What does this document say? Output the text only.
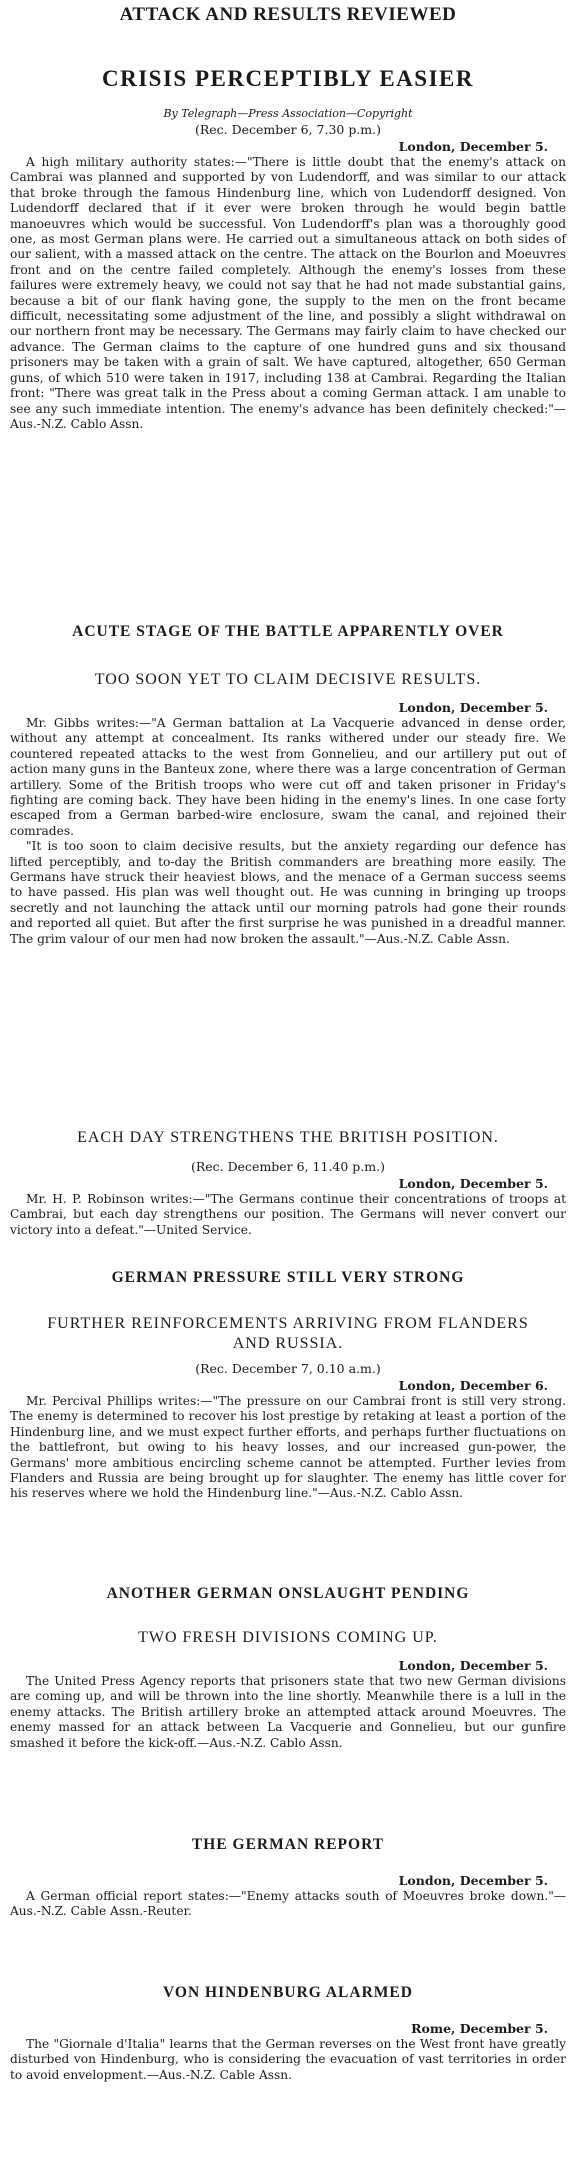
ATTACK AND RESULTS REVIEWED
CRISIS PERCEPTIBLY EASIER

By Telegraph—Press Association—Copyright

(Rec. December 6, 7.30 p.m.)

London, December 5.

A high military authority states:—"There is little doubt that the enemy's attack on Cambrai was planned and supported by von Ludendorff, and was similar to our attack that broke through the famous Hindenburg line, which von Ludendorff designed. Von Ludendorff declared that if it ever were broken through he would begin battle manoeuvres which would be successful. Von Ludendorff's plan was a thoroughly good one, as most German plans were. He carried out a simultaneous attack on both sides of our salient, with a massed attack on the centre. The attack on the Bourlon and Moeuvres front and on the centre failed completely. Although the enemy's losses from these failures were extremely heavy, we could not say that he had not made substantial gains, because a bit of our flank having gone, the supply to the men on the front became difficult, necessitating some adjustment of the line, and possibly a slight withdrawal on our northern front may be necessary. The Germans may fairly claim to have checked our advance. The German claims to the capture of one hundred guns and six thousand prisoners may be taken with a grain of salt. We have captured, altogether, 650 German guns, of which 510 were taken in 1917, including 138 at Cambrai. Regarding the Italian front: "There was great talk in the Press about a coming German attack. I am unable to see any such immediate intention. The enemy's advance has been definitely checked:"—Aus.-N.Z. Cablo Assn.

ACUTE STAGE OF THE BATTLE APPARENTLY OVER
TOO SOON YET TO CLAIM DECISIVE RESULTS.

London, December 5.

Mr. Gibbs writes:—"A German battalion at La Vacquerie advanced in dense order, without any attempt at concealment. Its ranks withered under our steady fire. We countered repeated attacks to the west from Gonnelieu, and our artillery put out of action many guns in the Banteux zone, where there was a large concentration of German artillery. Some of the British troops who were cut off and taken prisoner in Friday's fighting are coming back. They have been hiding in the enemy's lines. In one case forty escaped from a German barbed-wire enclosure, swam the canal, and rejoined their comrades.

"It is too soon to claim decisive results, but the anxiety regarding our defence has lifted perceptibly, and to-day the British commanders are breathing more easily. The Germans have struck their heaviest blows, and the menace of a German success seems to have passed. His plan was well thought out. He was cunning in bringing up troops secretly and not launching the attack until our morning patrols had gone their rounds and reported all quiet. But after the first surprise he was punished in a dreadful manner. The grim valour of our men had now broken the assault."—Aus.-N.Z. Cable Assn.

EACH DAY STRENGTHENS THE BRITISH POSITION.

(Rec. December 6, 11.40 p.m.)

London, December 5.

Mr. H. P. Robinson writes:—"The Germans continue their concentrations of troops at Cambrai, but each day strengthens our position. The Germans will never convert our victory into a defeat."—United Service.

GERMAN PRESSURE STILL VERY STRONG
FURTHER REINFORCEMENTS ARRIVING FROM FLANDERS
AND RUSSIA.

(Rec. December 7, 0.10 a.m.)

London, December 6.

Mr. Percival Phillips writes:—"The pressure on our Cambrai front is still very strong. The enemy is determined to recover his lost prestige by retaking at least a portion of the Hindenburg line, and we must expect further efforts, and perhaps further fluctuations on the battlefront, but owing to his heavy losses, and our increased gun-power, the Germans' more ambitious encircling scheme cannot be attempted. Further levies from Flanders and Russia are being brought up for slaughter. The enemy has little cover for his reserves where we hold the Hindenburg line."—Aus.-N.Z. Cablo Assn.

ANOTHER GERMAN ONSLAUGHT PENDING
TWO FRESH DIVISIONS COMING UP.

London, December 5.

The United Press Agency reports that prisoners state that two new German divisions are coming up, and will be thrown into the line shortly. Meanwhile there is a lull in the enemy attacks. The British artillery broke an attempted attack around Moeuvres. The enemy massed for an attack between La Vacquerie and Gonnelieu, but our gunfire smashed it before the kick-off.—Aus.-N.Z. Cablo Assn.

THE GERMAN REPORT

London, December 5.

A German official report states:—"Enemy attacks south of Moeuvres broke down."—Aus.-N.Z. Cable Assn.-Reuter.

VON HINDENBURG ALARMED

Rome, December 5.

The "Giornale d'Italia" learns that the German reverses on the West front have greatly disturbed von Hindenburg, who is considering the evacuation of vast territories in order to avoid envelopment.—Aus.-N.Z. Cable Assn.
